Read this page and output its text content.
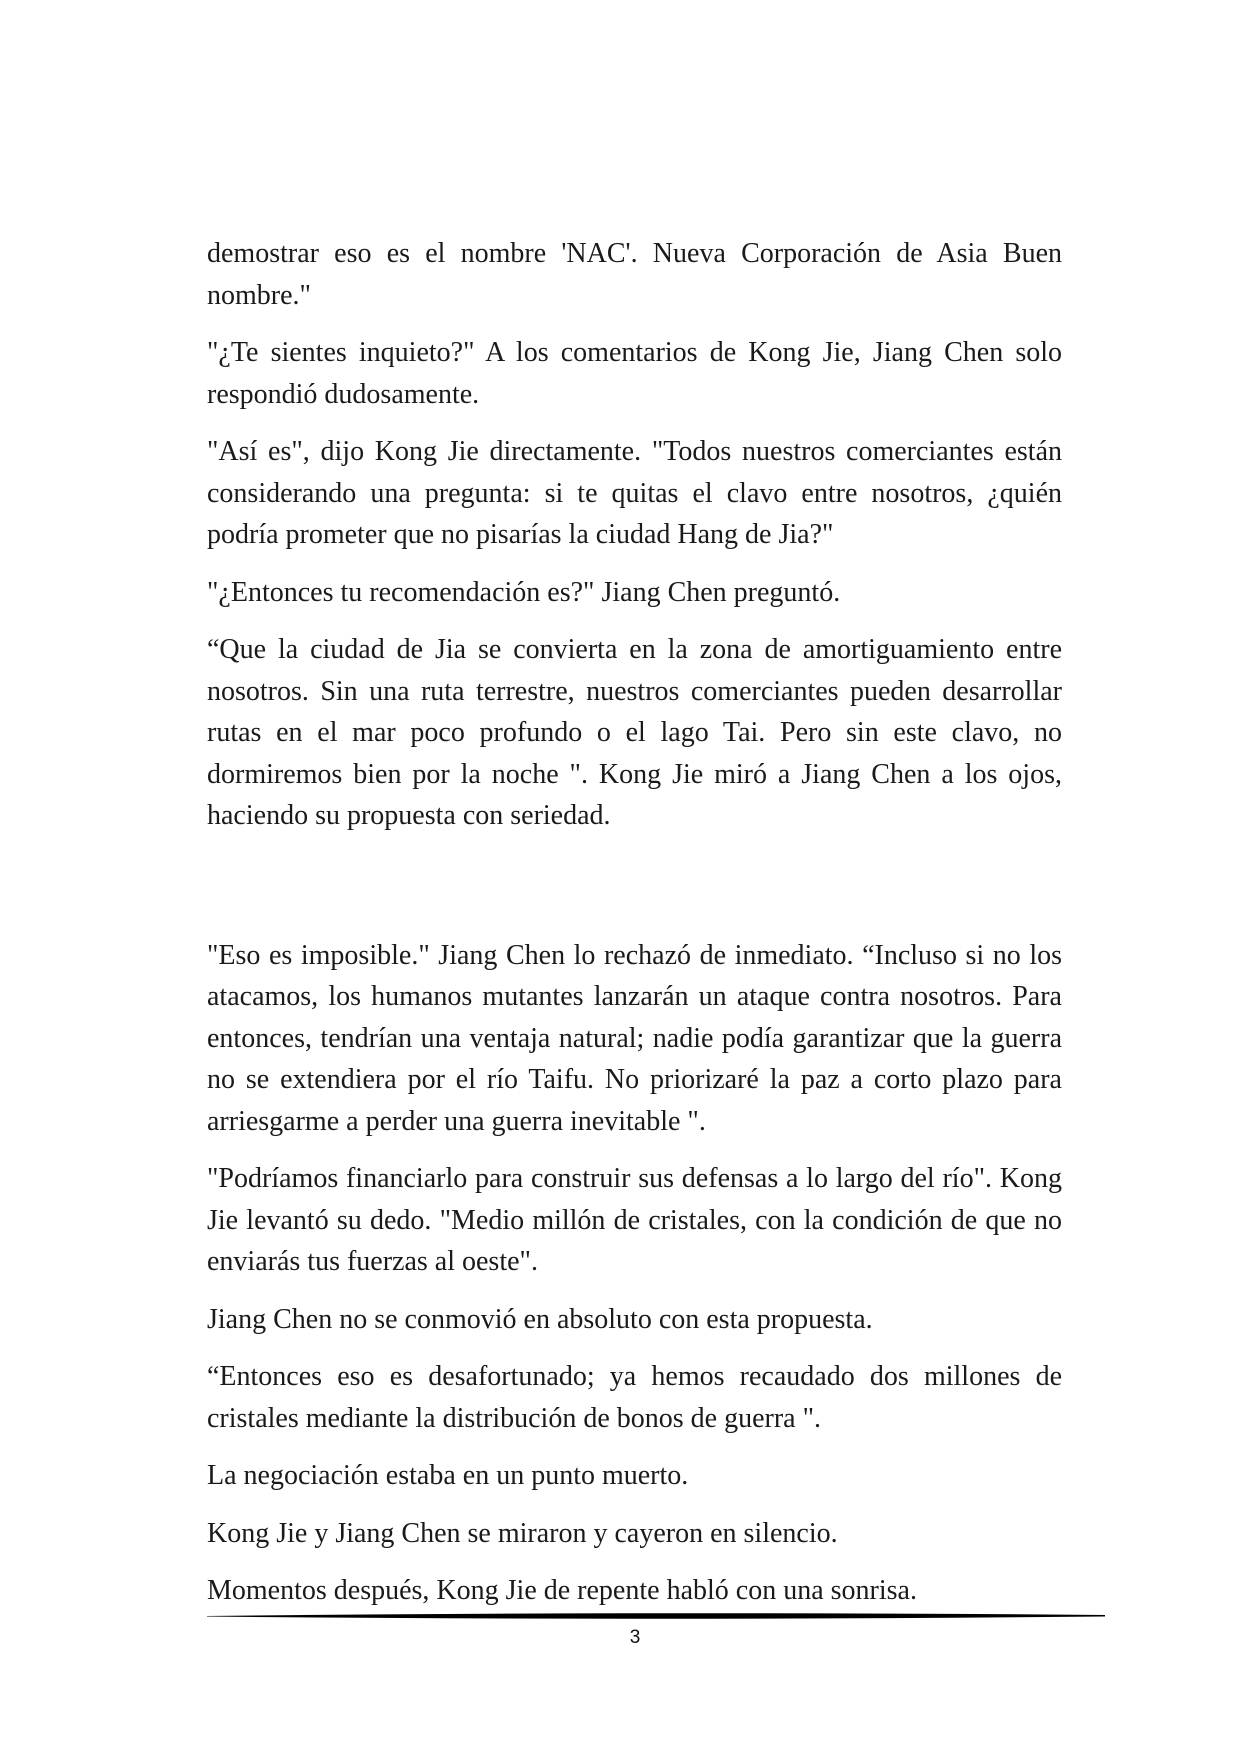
demostrar eso es el nombre 'NAC'. Nueva Corporación de Asia Buen nombre."

"¿Te sientes inquieto?" A los comentarios de Kong Jie, Jiang Chen solo respondió dudosamente.

"Así es", dijo Kong Jie directamente. "Todos nuestros comerciantes están considerando una pregunta: si te quitas el clavo entre nosotros, ¿quién podría prometer que no pisarías la ciudad Hang de Jia?"

"¿Entonces tu recomendación es?" Jiang Chen preguntó.

“Que la ciudad de Jia se convierta en la zona de amortiguamiento entre nosotros. Sin una ruta terrestre, nuestros comerciantes pueden desarrollar rutas en el mar poco profundo o el lago Tai. Pero sin este clavo, no dormiremos bien por la noche ". Kong Jie miró a Jiang Chen a los ojos, haciendo su propuesta con seriedad.

"Eso es imposible." Jiang Chen lo rechazó de inmediato. “Incluso si no los atacamos, los humanos mutantes lanzarán un ataque contra nosotros. Para entonces, tendrían una ventaja natural; nadie podía garantizar que la guerra no se extendiera por el río Taifu. No priorizaré la paz a corto plazo para arriesgarme a perder una guerra inevitable ".

"Podríamos financiarlo para construir sus defensas a lo largo del río". Kong Jie levantó su dedo. "Medio millón de cristales, con la condición de que no enviarás tus fuerzas al oeste".

Jiang Chen no se conmovió en absoluto con esta propuesta.

“Entonces eso es desafortunado; ya hemos recaudado dos millones de cristales mediante la distribución de bonos de guerra ".

La negociación estaba en un punto muerto.

Kong Jie y Jiang Chen se miraron y cayeron en silencio.

Momentos después, Kong Jie de repente habló con una sonrisa.

3
